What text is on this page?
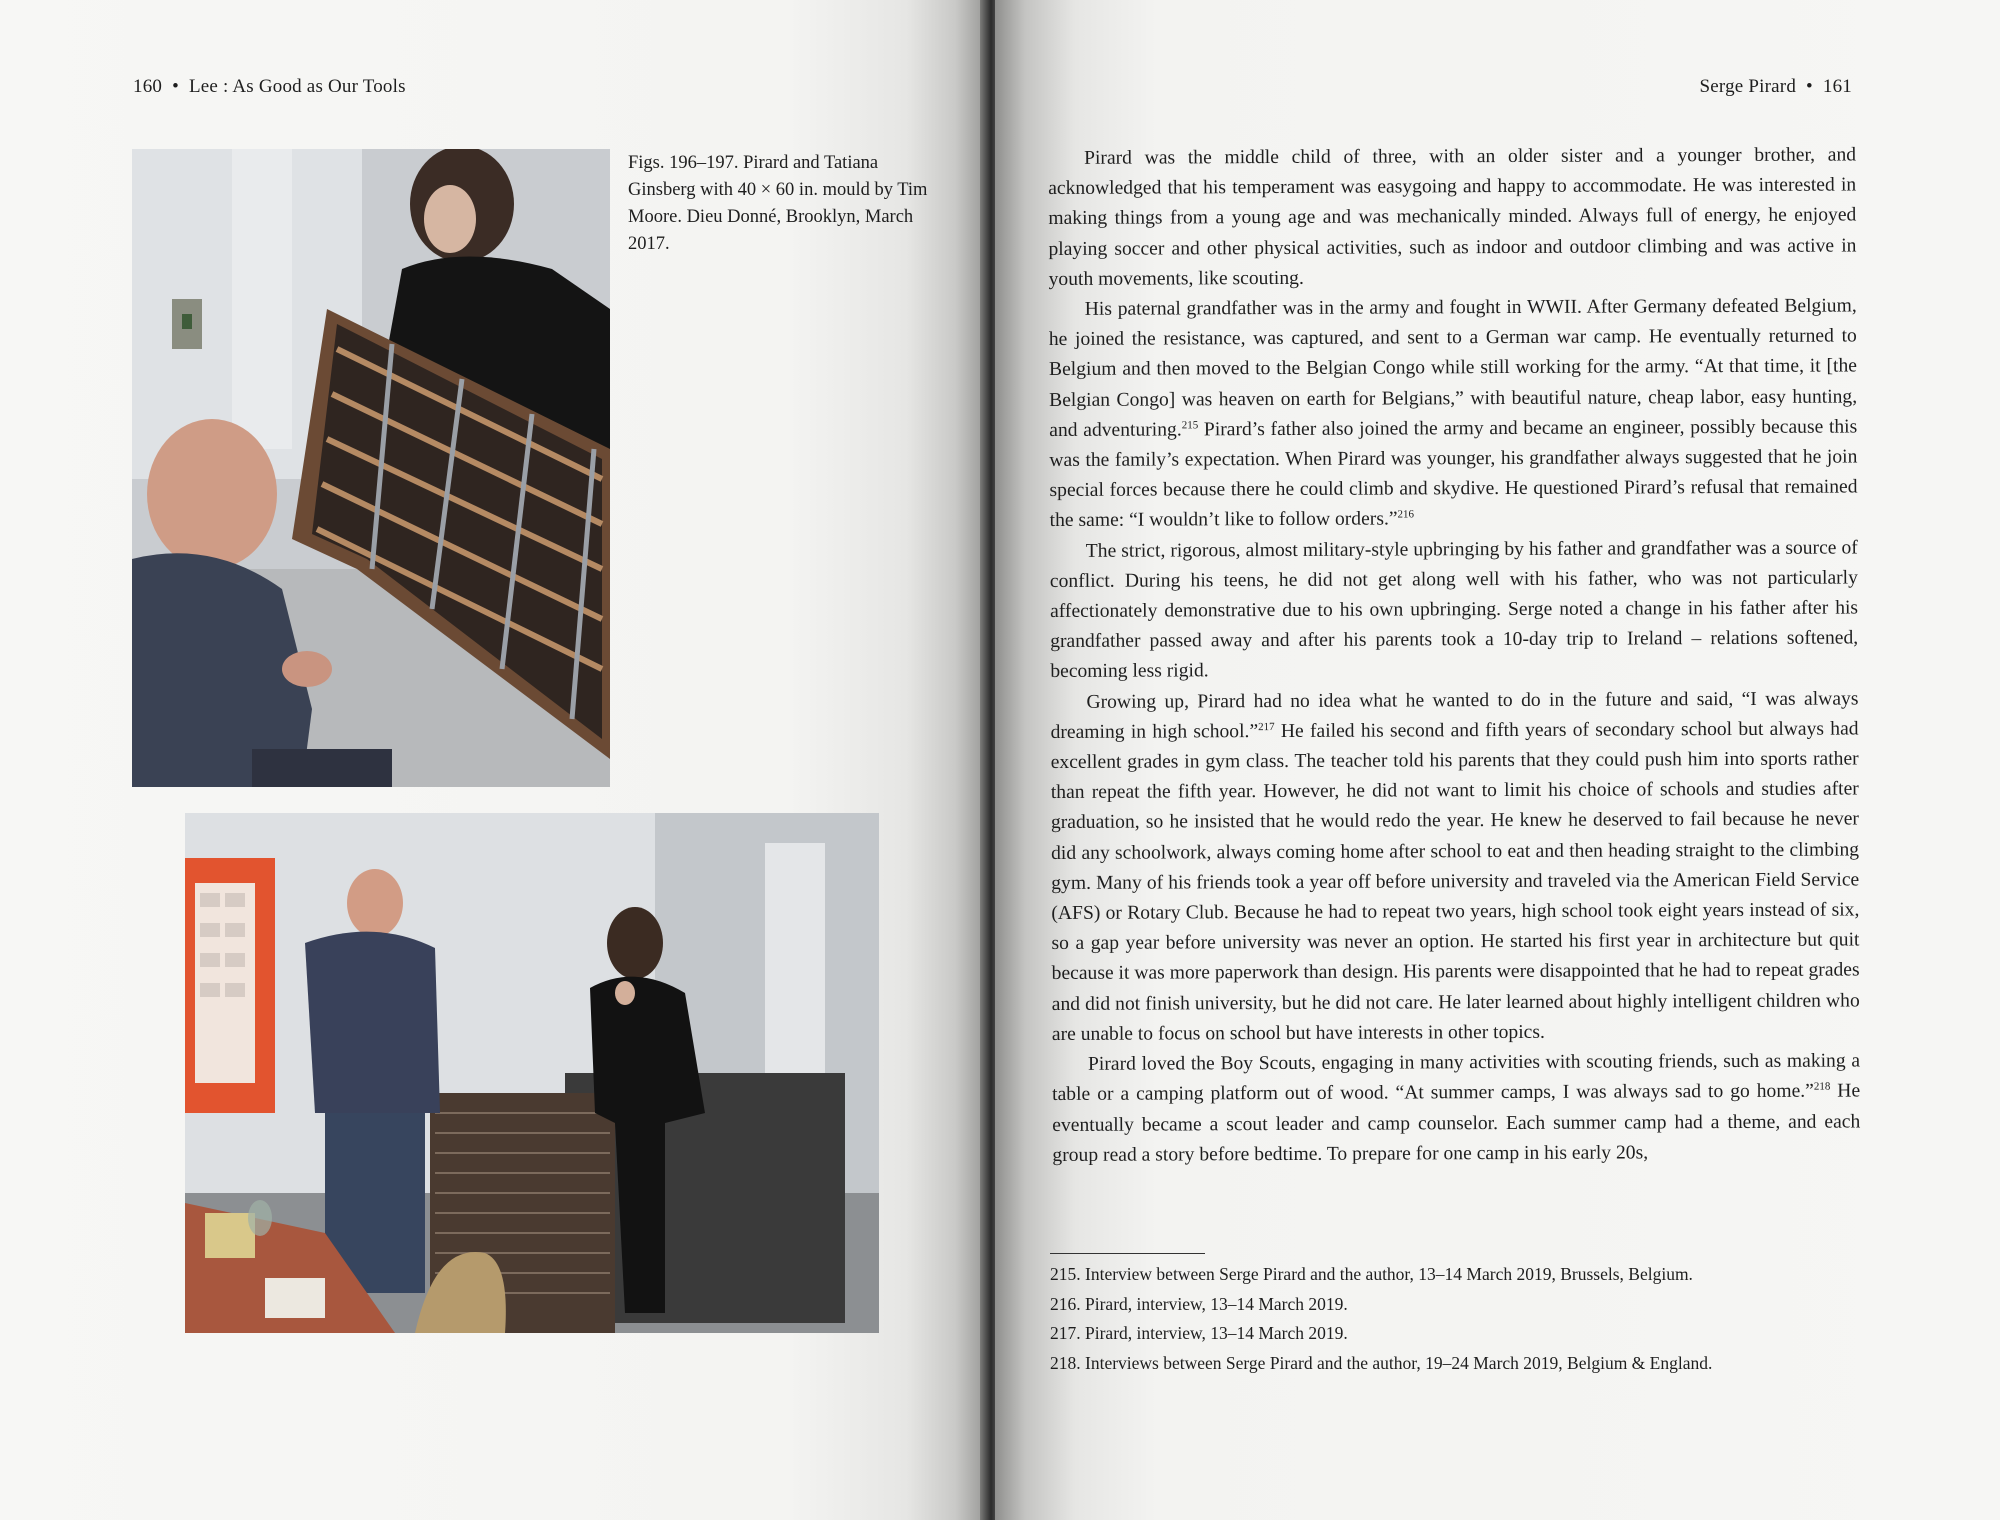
160 • Lee : As Good as Our Tools
Figs. 196–197. Pirard and Tatiana Ginsberg with 40 × 60 in. mould by Tim Moore. Dieu Donné, Brooklyn, March 2017.
Serge Pirard • 161

Pirard was the middle child of three, with an older sister and a younger brother, and acknowledged that his temperament was easygoing and happy to accommodate. He was interested in making things from a young age and was mechanically minded. Always full of energy, he enjoyed playing soccer and other physical activities, such as indoor and outdoor climbing and was active in youth movements, like scouting.

His paternal grandfather was in the army and fought in WWII. After Germany defeated Belgium, he joined the resistance, was captured, and sent to a German war camp. He eventually returned to Belgium and then moved to the Belgian Congo while still working for the army. “At that time, it [the Belgian Congo] was heaven on earth for Belgians,” with beautiful nature, cheap labor, easy hunting, and adventuring.$^{215}$ Pirard’s father also joined the army and became an engineer, possibly because this was the family’s expectation. When Pirard was younger, his grandfather always suggested that he join special forces because there he could climb and skydive. He questioned Pirard’s refusal that remained the same: “I wouldn’t like to follow orders.”$^{216}$

The strict, rigorous, almost military-style upbringing by his father and grandfather was a source of conflict. During his teens, he did not get along well with his father, who was not particularly affectionately demonstrative due to his own upbringing. Serge noted a change in his father after his grandfather passed away and after his parents took a 10-day trip to Ireland – relations softened, becoming less rigid.

Growing up, Pirard had no idea what he wanted to do in the future and said, “I was always dreaming in high school.”$^{217}$ He failed his second and fifth years of secondary school but always had excellent grades in gym class. The teacher told his parents that they could push him into sports rather than repeat the fifth year. However, he did not want to limit his choice of schools and studies after graduation, so he insisted that he would redo the year. He knew he deserved to fail because he never did any schoolwork, always coming home after school to eat and then heading straight to the climbing gym. Many of his friends took a year off before university and traveled via the American Field Service (AFS) or Rotary Club. Because he had to repeat two years, high school took eight years instead of six, so a gap year before university was never an option. He started his first year in architecture but quit because it was more paperwork than design. His parents were disappointed that he had to repeat grades and did not finish university, but he did not care. He later learned about highly intelligent children who are unable to focus on school but have interests in other topics.

Pirard loved the Boy Scouts, engaging in many activities with scouting friends, such as making a table or a camping platform out of wood. “At summer camps, I was always sad to go home.”$^{218}$ He eventually became a scout leader and camp counselor. Each summer camp had a theme, and each group read a story before bedtime. To prepare for one camp in his early 20s,

215. Interview between Serge Pirard and the author, 13–14 March 2019, Brussels, Belgium.
216. Pirard, interview, 13–14 March 2019.
217. Pirard, interview, 13–14 March 2019.
218. Interviews between Serge Pirard and the author, 19–24 March 2019, Belgium & England.
